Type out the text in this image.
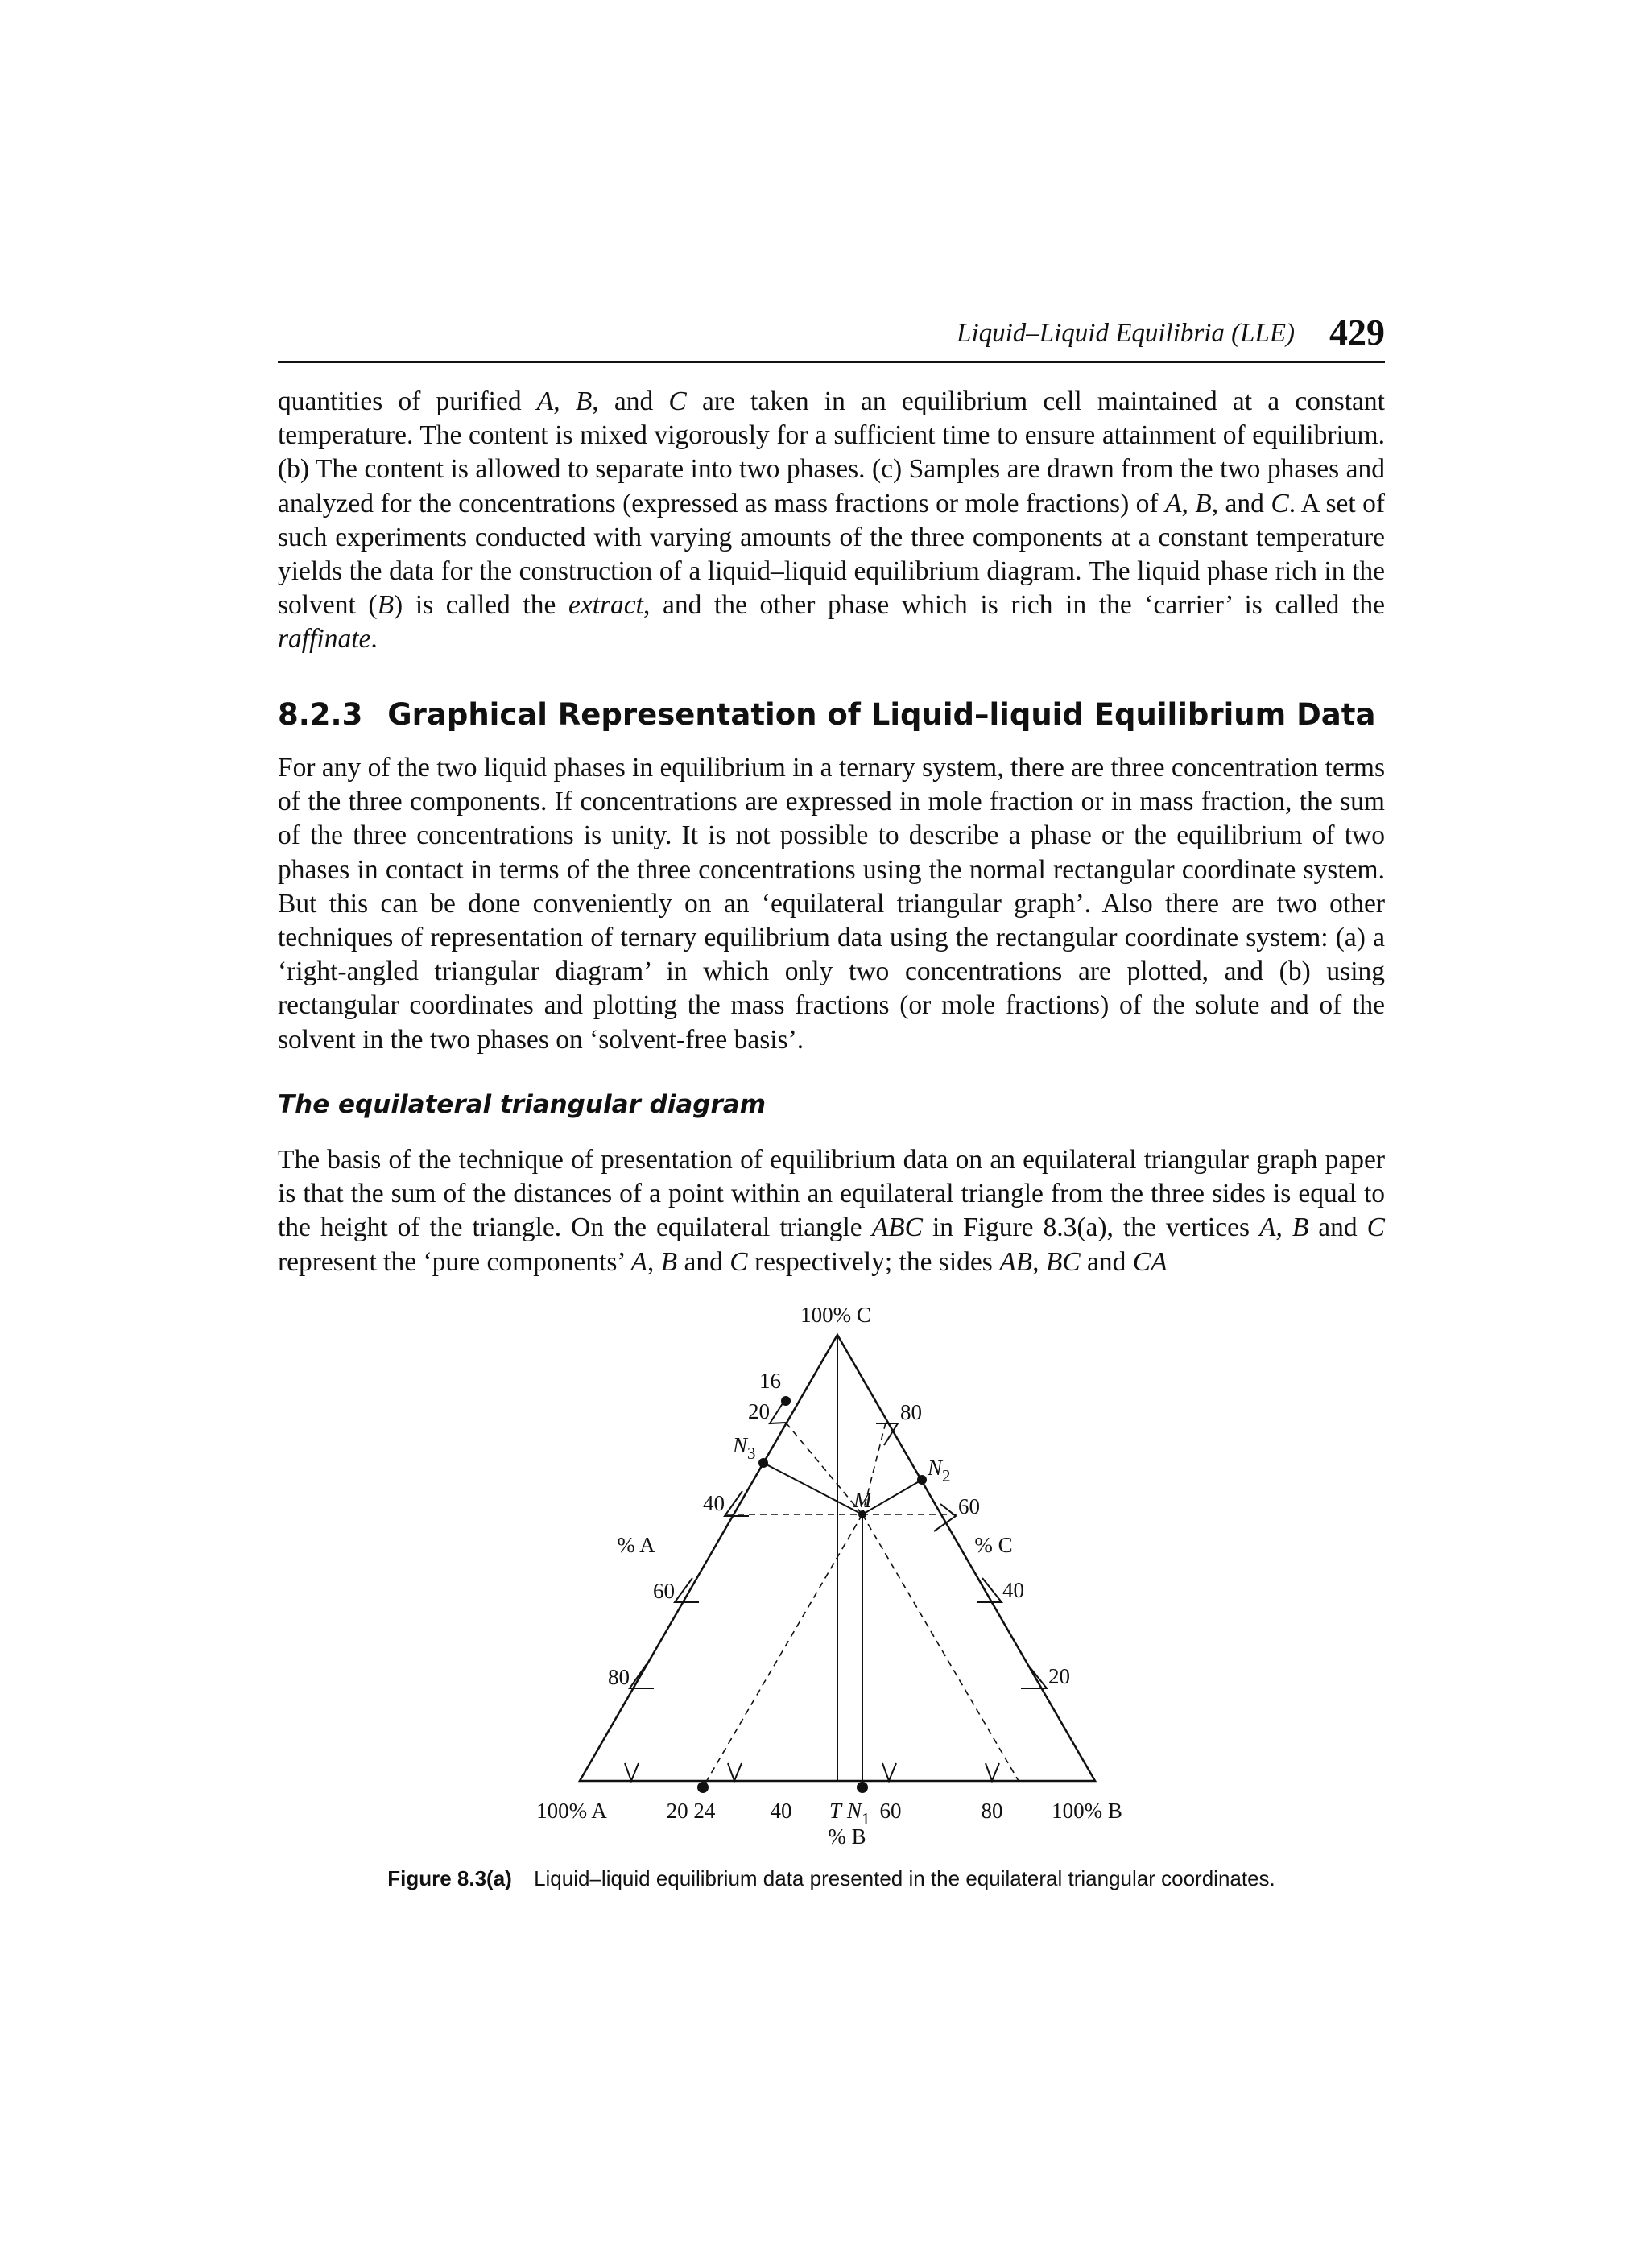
Liquid–Liquid Equilibria (LLE) 429
quantities of purified A, B, and C are taken in an equilibrium cell maintained at a constant temperature. The content is mixed vigorously for a sufficient time to ensure attainment of equilibrium. (b) The content is allowed to separate into two phases. (c) Samples are drawn from the two phases and analyzed for the concentrations (expressed as mass fractions or mole fractions) of A, B, and C. A set of such experiments conducted with varying amounts of the three components at a constant temperature yields the data for the construction of a liquid–liquid equilibrium diagram. The liquid phase rich in the solvent (B) is called the extract, and the other phase which is rich in the ‘carrier’ is called the raffinate.
8.2.3 Graphical Representation of Liquid–liquid Equilibrium Data
For any of the two liquid phases in equilibrium in a ternary system, there are three concentration terms of the three components. If concentrations are expressed in mole fraction or in mass fraction, the sum of the three concentrations is unity. It is not possible to describe a phase or the equilibrium of two phases in contact in terms of the three concentrations using the normal rectangular coordinate system. But this can be done conveniently on an ‘equilateral triangular graph’. Also there are two other techniques of representation of ternary equilibrium data using the rectangular coordinate system: (a) a ‘right-angled triangular diagram’ in which only two concentrations are plotted, and (b) using rectangular coordinates and plotting the mass fractions (or mole fractions) of the solute and of the solvent in the two phases on ‘solvent-free basis’.
The equilateral triangular diagram
The basis of the technique of presentation of equilibrium data on an equilateral triangular graph paper is that the sum of the distances of a point within an equilateral triangle from the three sides is equal to the height of the triangle. On the equilateral triangle ABC in Figure 8.3(a), the vertices A, B and C represent the ‘pure components’ A, B and C respectively; the sides AB, BC and CA
100% C
100% A	100% B
% A	% C
% B
16
20
40
60
80
80
60
40
20
20 24	40	60	80
$N_3$
$N_2$
M
T $N_1$
Figure 8.3(a) Liquid–liquid equilibrium data presented in the equilateral triangular coordinates.
